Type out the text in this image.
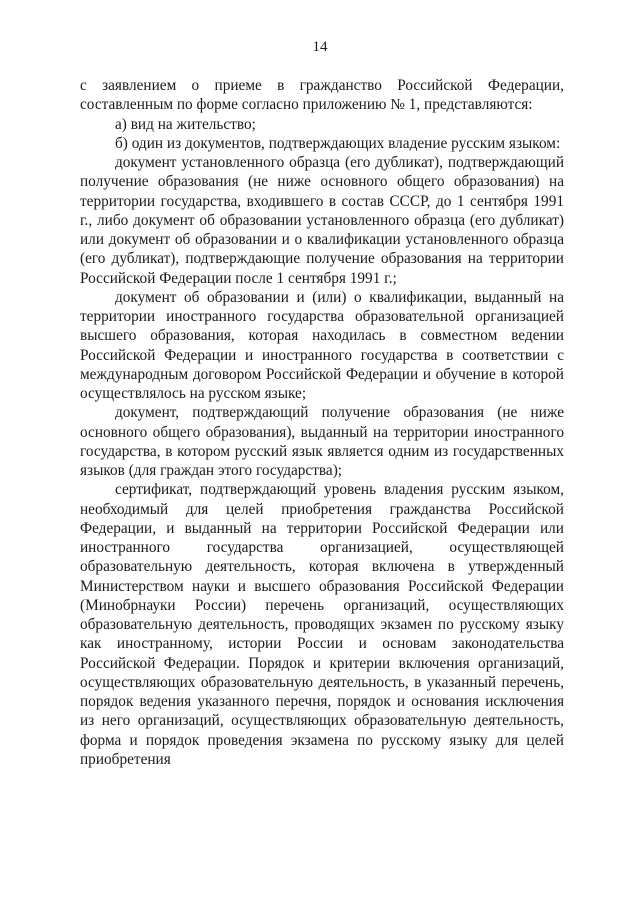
14

с заявлением о приеме в гражданство Российской Федерации, составленным по форме согласно приложению № 1, представляются:

а) вид на жительство;

б) один из документов, подтверждающих владение русским языком:

документ установленного образца (его дубликат), подтверждающий получение образования (не ниже основного общего образования) на территории государства, входившего в состав СССР, до 1 сентября 1991 г., либо документ об образовании установленного образца (его дубликат) или документ об образовании и о квалификации установленного образца (его дубликат), подтверждающие получение образования на территории Российской Федерации после 1 сентября 1991 г.;

документ об образовании и (или) о квалификации, выданный на территории иностранного государства образовательной организацией высшего образования, которая находилась в совместном ведении Российской Федерации и иностранного государства в соответствии с международным договором Российской Федерации и обучение в которой осуществлялось на русском языке;

документ, подтверждающий получение образования (не ниже основного общего образования), выданный на территории иностранного государства, в котором русский язык является одним из государственных языков (для граждан этого государства);

сертификат, подтверждающий уровень владения русским языком, необходимый для целей приобретения гражданства Российской Федерации, и выданный на территории Российской Федерации или иностранного государства организацией, осуществляющей образовательную деятельность, которая включена в утвержденный Министерством науки и высшего образования Российской Федерации (Минобрнауки России) перечень организаций, осуществляющих образовательную деятельность, проводящих экзамен по русскому языку как иностранному, истории России и основам законодательства Российской Федерации. Порядок и критерии включения организаций, осуществляющих образовательную деятельность, в указанный перечень, порядок ведения указанного перечня, порядок и основания исключения из него организаций, осуществляющих образовательную деятельность, форма и порядок проведения экзамена по русскому языку для целей приобретения
